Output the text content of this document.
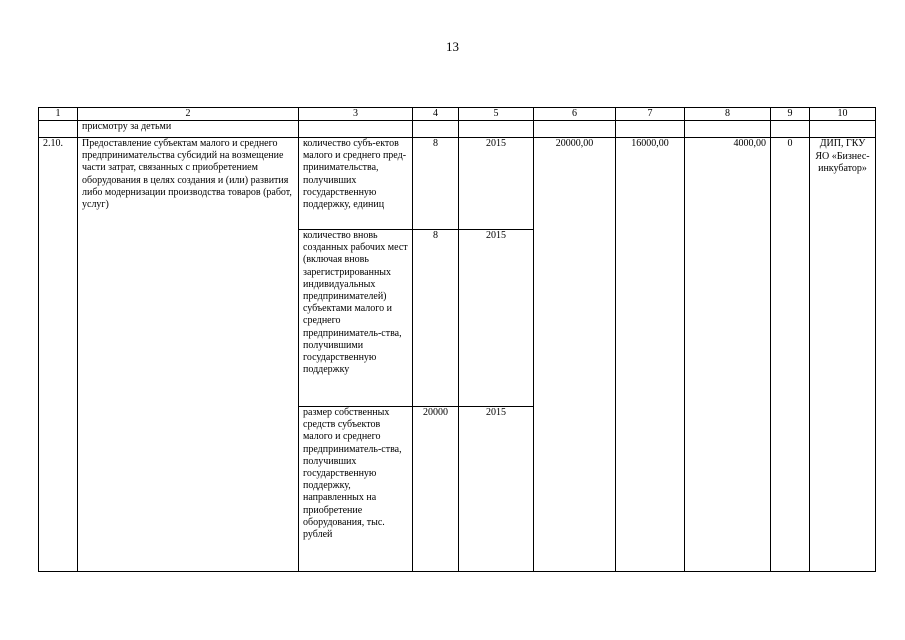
13
1	2	3	4	5	6	7	8	9	10
	присмотру за детьми								
2.10.	Предоставление субъектам малого и среднего предпринимательства субсидий на возмещение части затрат, связанных с приобретением оборудования в целях создания и (или) развития либо модернизации производства товаров (работ, услуг)	количество субъ-ектов малого и среднего пред-принимательства, получивших государственную поддержку, единиц	8	2015	20000,00	16000,00	4000,00	0	ДИП, ГКУ ЯО «Бизнес-инкубатор»
		количество вновь созданных рабочих мест (включая вновь зарегистрированных индивидуальных предпринимателей) субъектами малого и среднего предприниматель-ства, получившими государственную поддержку	8	2015					
		размер собственных средств субъектов малого и среднего предприниматель-ства, получивших государственную поддержку, направленных на приобретение оборудования, тыс. рублей	20000	2015					
